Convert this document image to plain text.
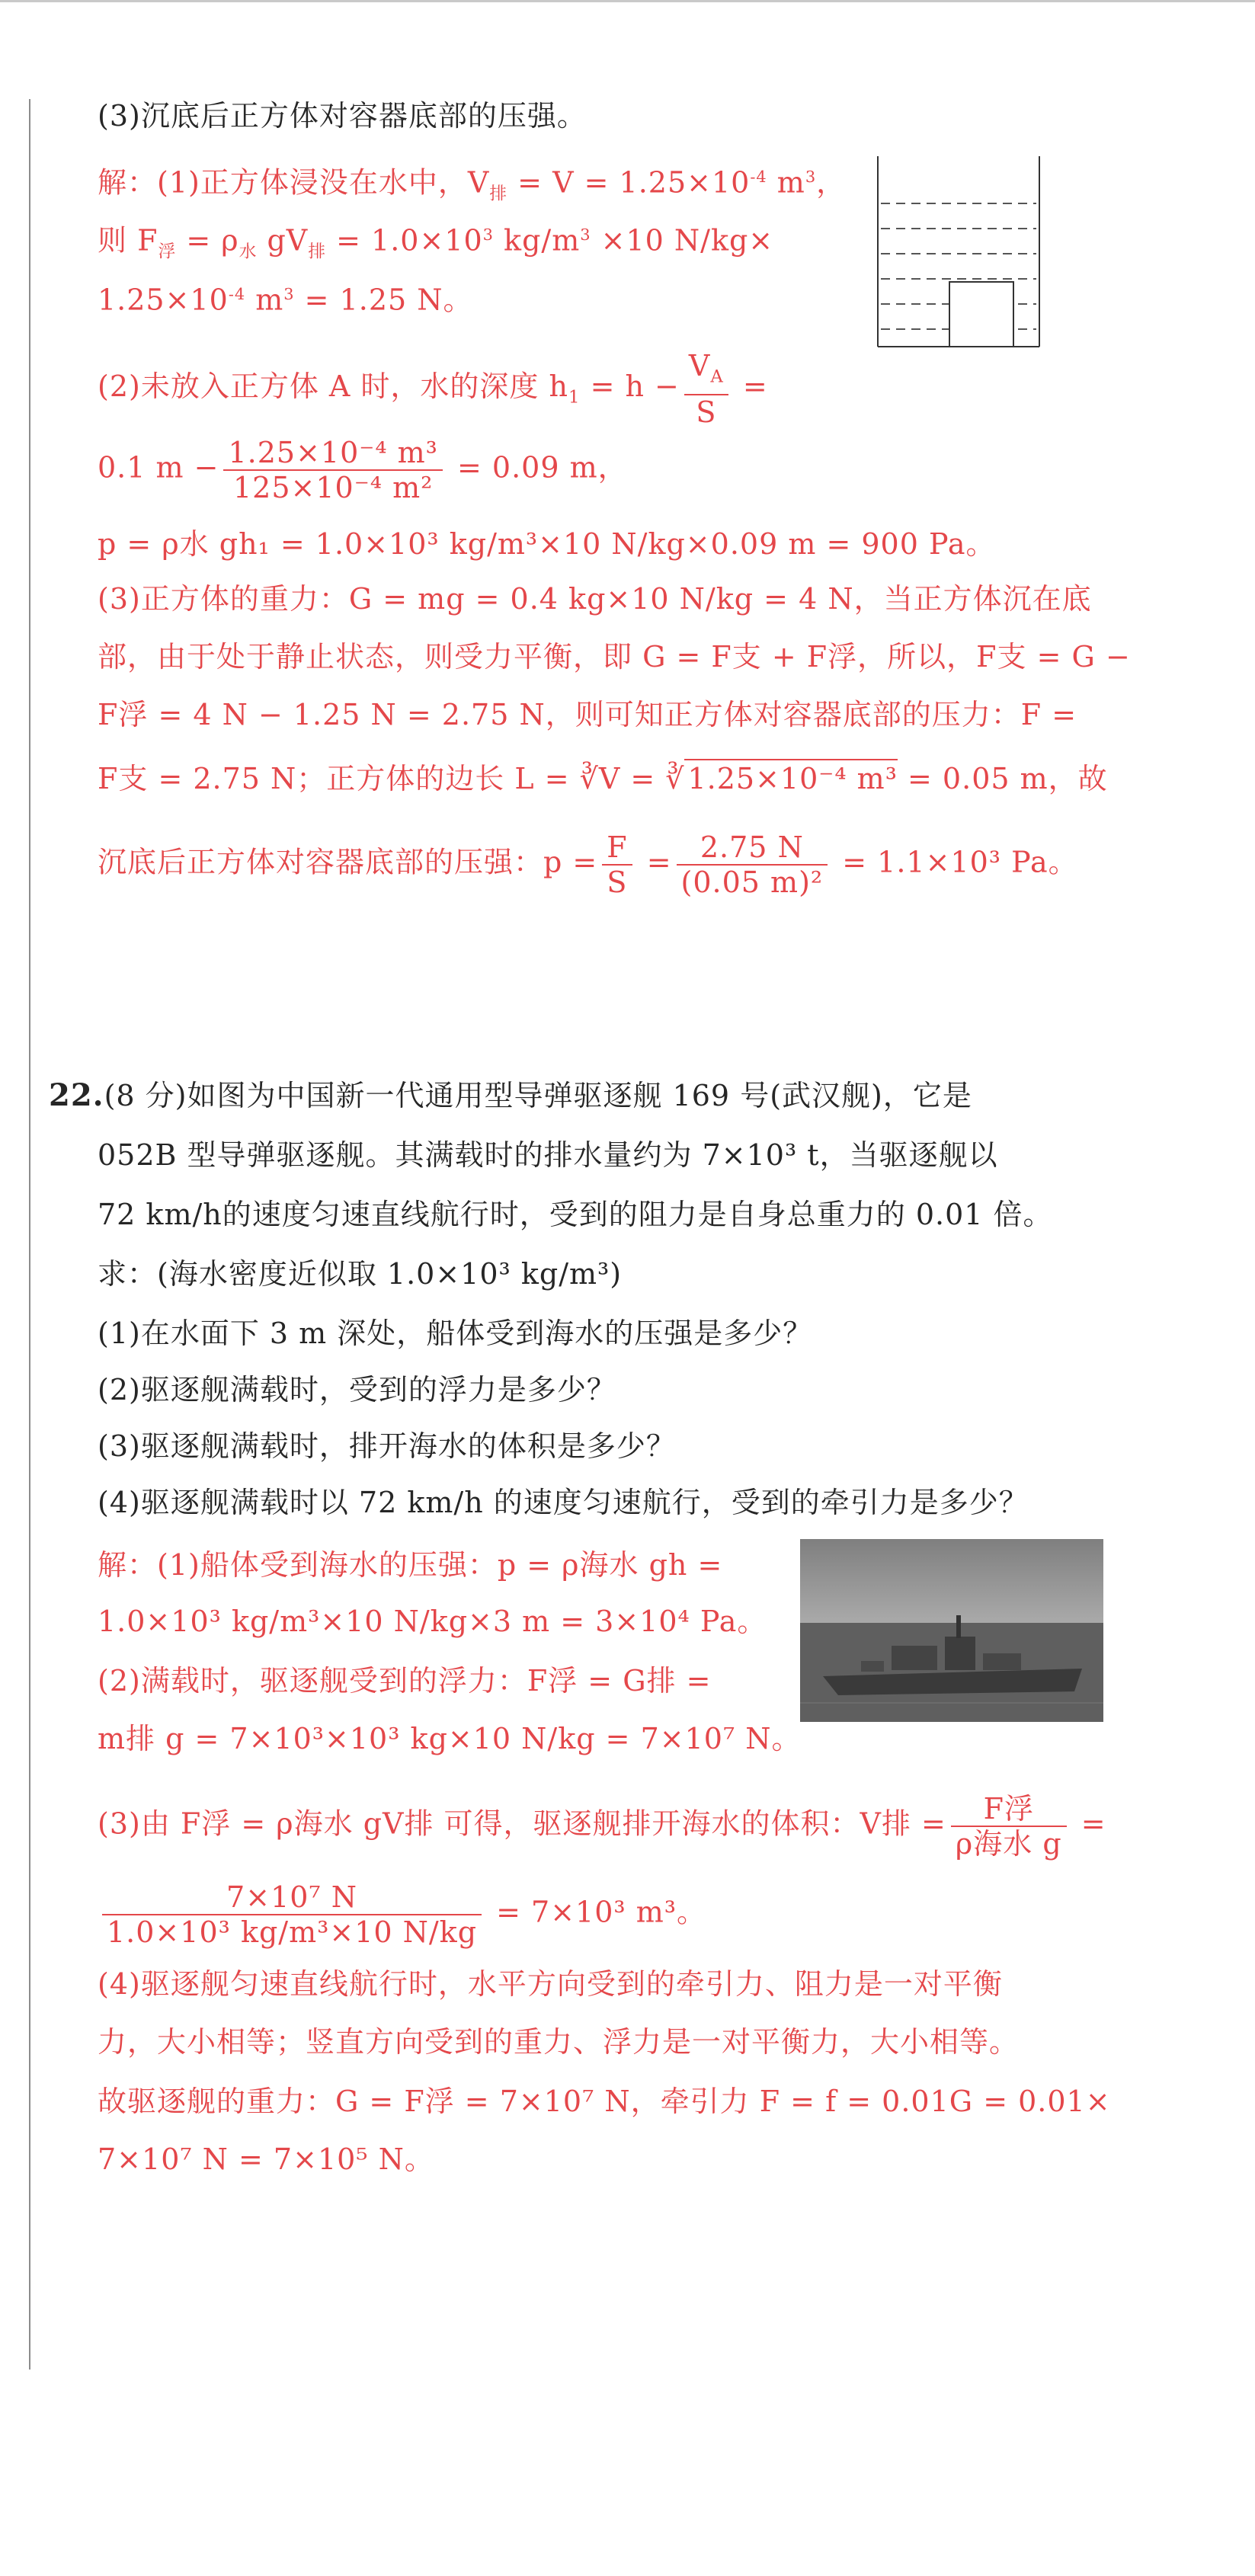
(3)沉底后正方体对容器底部的压强。
解：(1)正方体浸没在水中，$V_排 = V = 1.25\times 10^{-4}$ $m^3$，
则 $F_浮 = \rho_水$ $gV_排 = 1.0\times 10^3$ $kg/m^3 \times 10$ N/kg×
$1.25\times 10^{-4}$ $m^3 = 1.25$ N。
(2)未放入正方体 A 时，水的深度 $h_1 = h - \frac{V_A}{S}$ =
0.1 $m - \frac{\text{1.25×10⁻⁴ m³}}{\text{125×10⁻⁴ m²}} = 0.09$ m，
p = ρ水 gh₁ = 1.0×10³ kg/m³×10 N/kg×0.09 m = 900 Pa。
(3)正方体的重力：G = mg = 0.4 kg×10 N/kg = 4 N，当正方体沉在底
部，由于处于静止状态，则受力平衡，即 G = F支 + F浮，所以，F支 = G −
F浮 = 4 N − 1.25 N = 2.75 N，则可知正方体对容器底部的压力：F =
F支 = 2.75 N；正方体的边长 L = ∛V = ∛ 1.25×10⁻⁴ m³ = 0.05 m，故
沉底后正方体对容器底部的压强：$p = \frac{F}{S} = \frac{2.75 N}{\text{(0.05 m)²}} = 1.1\times 10^3$ Pa。
22.(8 分)如图为中国新一代通用型导弹驱逐舰 169 号(武汉舰)，它是
052B 型导弹驱逐舰。其满载时的排水量约为 7×10³ t，当驱逐舰以
72 km/h的速度匀速直线航行时，受到的阻力是自身总重力的 0.01 倍。
求：(海水密度近似取 1.0×10³ kg/m³)
(1)在水面下 3 m 深处，船体受到海水的压强是多少？
(2)驱逐舰满载时，受到的浮力是多少？
(3)驱逐舰满载时，排开海水的体积是多少？
(4)驱逐舰满载时以 72 km/h 的速度匀速航行，受到的牵引力是多少？
解：(1)船体受到海水的压强：p = ρ海水 gh =
1.0×10³ kg/m³×10 N/kg×3 m = 3×10⁴ Pa。
(2)满载时，驱逐舰受到的浮力：F浮 = G排 =
m排 g = 7×10³×10³ kg×10 N/kg = 7×10⁷ N。
(3)由 F浮 = ρ海水 gV排 可得，驱逐舰排开海水的体积：V排 = $\frac{\text{F浮}}{\text{ρ海水 g}}$ =
$\frac{\text{7×10⁷ N}}{\text{1.0×10³ kg/m³×10 N/kg}} = 7\times 10^3$ m³。
(4)驱逐舰匀速直线航行时，水平方向受到的牵引力、阻力是一对平衡
力，大小相等；竖直方向受到的重力、浮力是一对平衡力，大小相等。
故驱逐舰的重力：G = F浮 = 7×10⁷ N，牵引力 F = f = 0.01G = 0.01×
7×10⁷ N = 7×10⁵ N。
